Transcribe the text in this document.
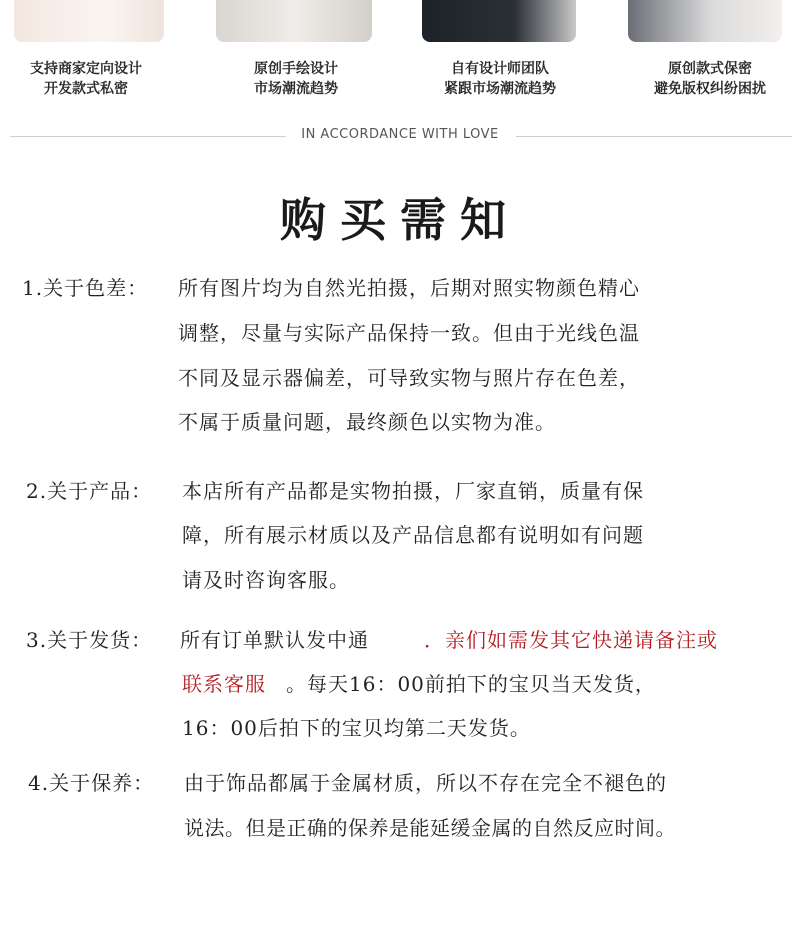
支持商家定向设计
开发款式私密
原创手绘设计
市场潮流趋势
自有设计师团队
紧跟市场潮流趋势
原创款式保密
避免版权纠纷困扰
IN ACCORDANCE WITH LOVE
购买需知
1.关于色差： 所有图片均为自然光拍摄，后期对照实物颜色精心
调整，尽量与实际产品保持一致。但由于光线色温
不同及显示器偏差，可导致实物与照片存在色差，
不属于质量问题，最终颜色以实物为准。
2.关于产品： 本店所有产品都是实物拍摄，厂家直销，质量有保
障，所有展示材质以及产品信息都有说明如有问题
请及时咨询客服。
3.关于发货： 所有订单默认发中通	．亲们如需发其它快递请备注或
联系客服 。每天16：00前拍下的宝贝当天发货，
16：00后拍下的宝贝均第二天发货。
4.关于保养： 由于饰品都属于金属材质，所以不存在完全不褪色的
说法。但是正确的保养是能延缓金属的自然反应时间。
